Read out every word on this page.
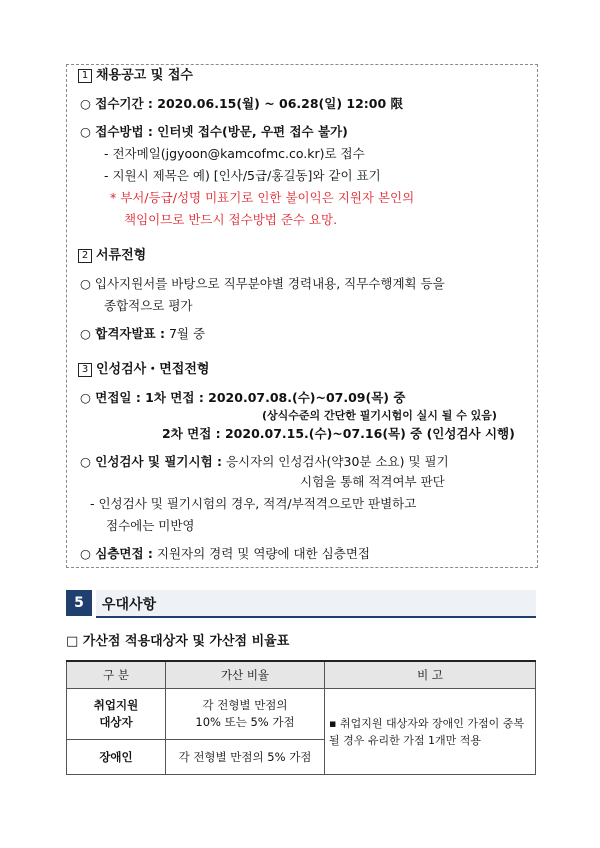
1 채용공고 및 접수
○ 접수기간 : 2020.06.15(월) ~ 06.28(일) 12:00 限
○ 접수방법 : 인터넷 접수(방문, 우편 접수 불가)
- 전자메일(jgyoon@kamcofmc.co.kr)로 접수
- 지원시 제목은 예) [인사/5급/홍길동]와 같이 표기
* 부서/등급/성명 미표기로 인한 불이익은 지원자 본인의
책임이므로 반드시 접수방법 준수 요망.
2 서류전형
○ 입사지원서를 바탕으로 직무분야별 경력내용, 직무수행계획 등을
종합적으로 평가
○ 합격자발표 : 7월 중
3 인성검사・면접전형
○ 면접일 : 1차 면접 : 2020.07.08.(수)~07.09(목) 중
(상식수준의 간단한 필기시험이 실시 될 수 있음)
2차 면접 : 2020.07.15.(수)~07.16(목) 중 (인성검사 시행)
○ 인성검사 및 필기시험 : 응시자의 인성검사(약30분 소요) 및 필기
시험을 통해 적격여부 판단
- 인성검사 및 필기시험의 경우, 적격/부적격으로만 판별하고
점수에는 미반영
○ 심층면접 : 지원자의 경력 및 역량에 대한 심층면접
5	우대사항
□ 가산점 적용대상자 및 가산점 비율표
구 분	가산 비율	비 고
취업지원
대상자	각 전형별 만점의
10% 또는 5% 가점	▪ 취업지원 대상자와 장애인 가점이 중복될 경우 유리한 가점 1개만 적용
장애인	각 전형별 만점의 5% 가점	
